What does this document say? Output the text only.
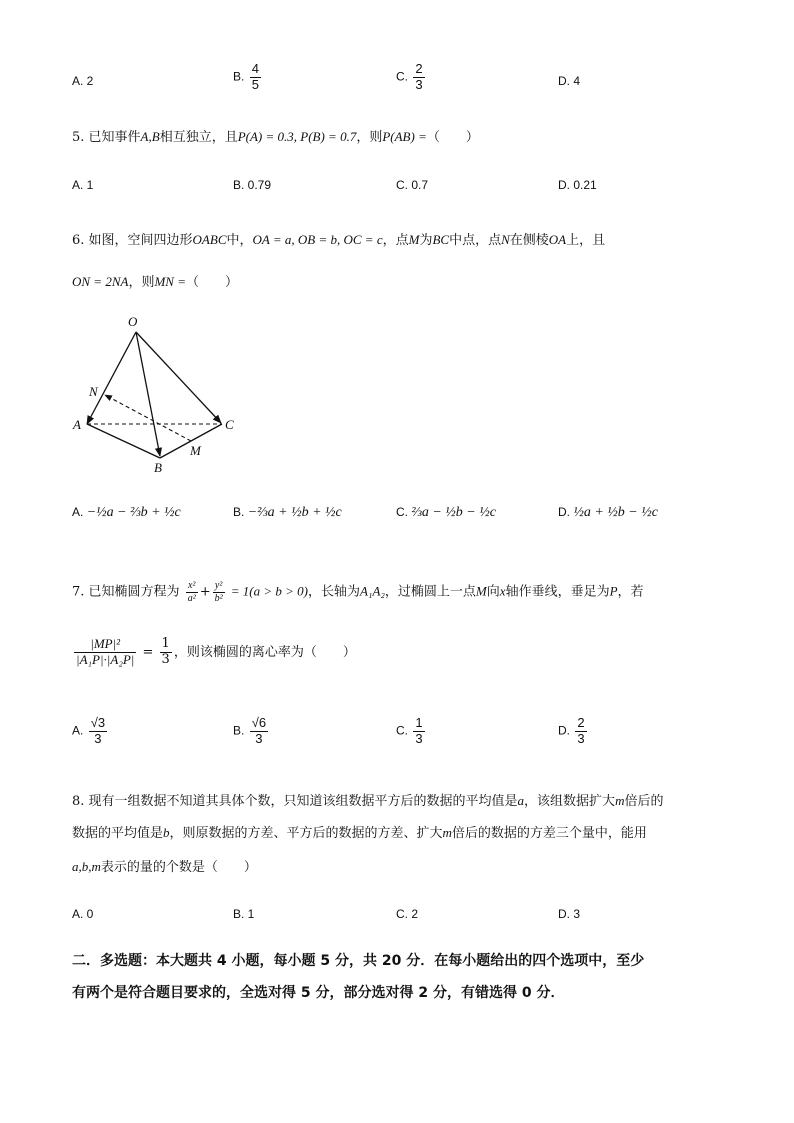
A. 2	B. $\frac{4}{5}$	C. $\frac{2}{3}$	D. 4
5. 已知事件A,B相互独立，且P(A) = 0.3, P(B) = 0.7，则P(AB) =（　　）
A. 1	B. 0.79	C. 0.7	D. 0.21
6. 如图，空间四边形OABC中，OA = a, OB = b, OC = c，点M为BC中点，点N在侧棱OA上，且
ON = 2NA，则MN =（　　）
O
N
A	C
M
B
A. −½a − ⅔b + ½c	B. −⅔a + ½b + ½c	C. ⅔a − ½b − ½c	D. ½a + ½b − ½c
7. 已知椭圆方程为 $\frac{\text{x²}}{\text{a²}} + \frac{\text{y²}}{\text{b²}} = 1(a > b > 0)$，长轴为A₁A₂，过椭圆上一点M向x轴作垂线，垂足为P，若
$\frac{\text{|MP|²}}{\text{|A₁P|·|A₂P|}} = \frac{1}{3}$ ，则该椭圆的离心率为（　　）
A. $\frac{√3}{3}$	B. $\frac{√6}{3}$	C. $\frac{1}{3}$	D. $\frac{2}{3}$
8. 现有一组数据不知道其具体个数，只知道该组数据平方后的数据的平均值是a，该组数据扩大m倍后的
数据的平均值是b，则原数据的方差、平方后的数据的方差、扩大m倍后的数据的方差三个量中，能用
a,b,m表示的量的个数是（　　）
A. 0	B. 1	C. 2	D. 3
二．多选题：本大题共 4 小题，每小题 5 分，共 20 分．在每小题给出的四个选项中，至少
有两个是符合题目要求的，全选对得 5 分，部分选对得 2 分，有错选得 0 分．
